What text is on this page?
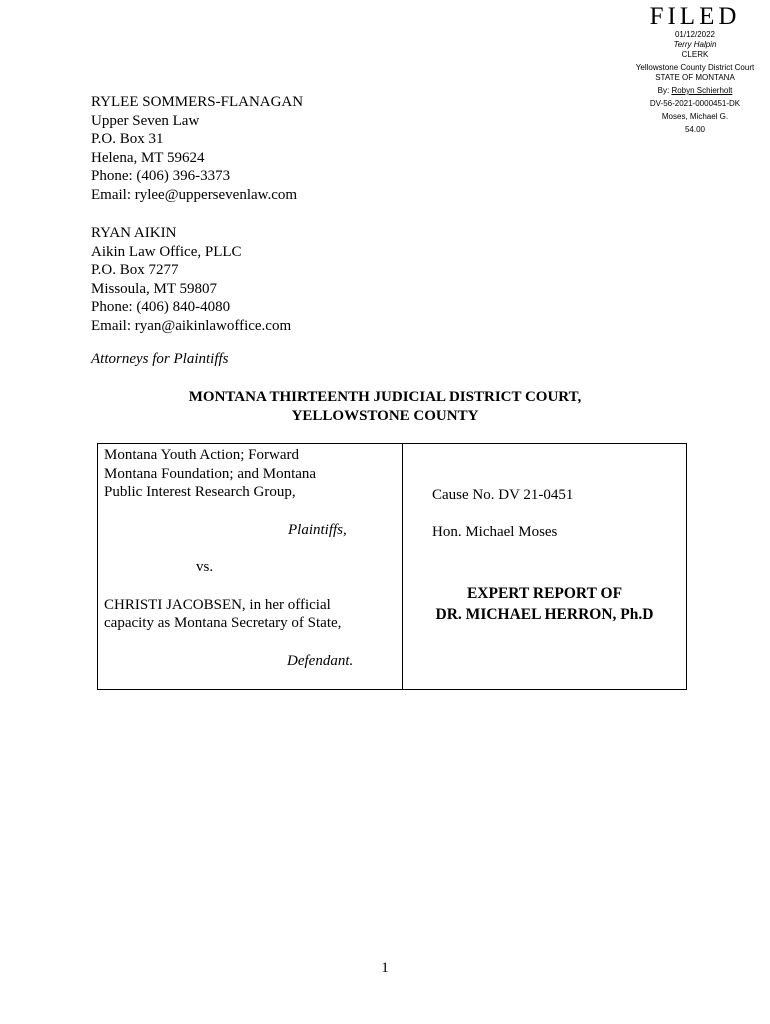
FILED
01/12/2022
Terry Halpin
CLERK
Yellowstone County District Court
STATE OF MONTANA
By: Robyn Schierholt
DV-56-2021-0000451-DK
Moses, Michael G.
54.00
RYLEE SOMMERS-FLANAGAN
Upper Seven Law
P.O. Box 31
Helena, MT 59624
Phone: (406) 396-3373
Email: rylee@uppersevenlaw.com
RYAN AIKIN
Aikin Law Office, PLLC
P.O. Box 7277
Missoula, MT 59807
Phone: (406) 840-4080
Email: ryan@aikinlawoffice.com
Attorneys for Plaintiffs
MONTANA THIRTEENTH JUDICIAL DISTRICT COURT,
YELLOWSTONE COUNTY
Montana Youth Action; Forward
Montana Foundation; and Montana
Public Interest Research Group,
Plaintiffs,
vs.
CHRISTI JACOBSEN, in her official
capacity as Montana Secretary of State,
Defendant.
Cause No. DV 21-0451
Hon. Michael Moses
EXPERT REPORT OF
DR. MICHAEL HERRON, Ph.D
1
